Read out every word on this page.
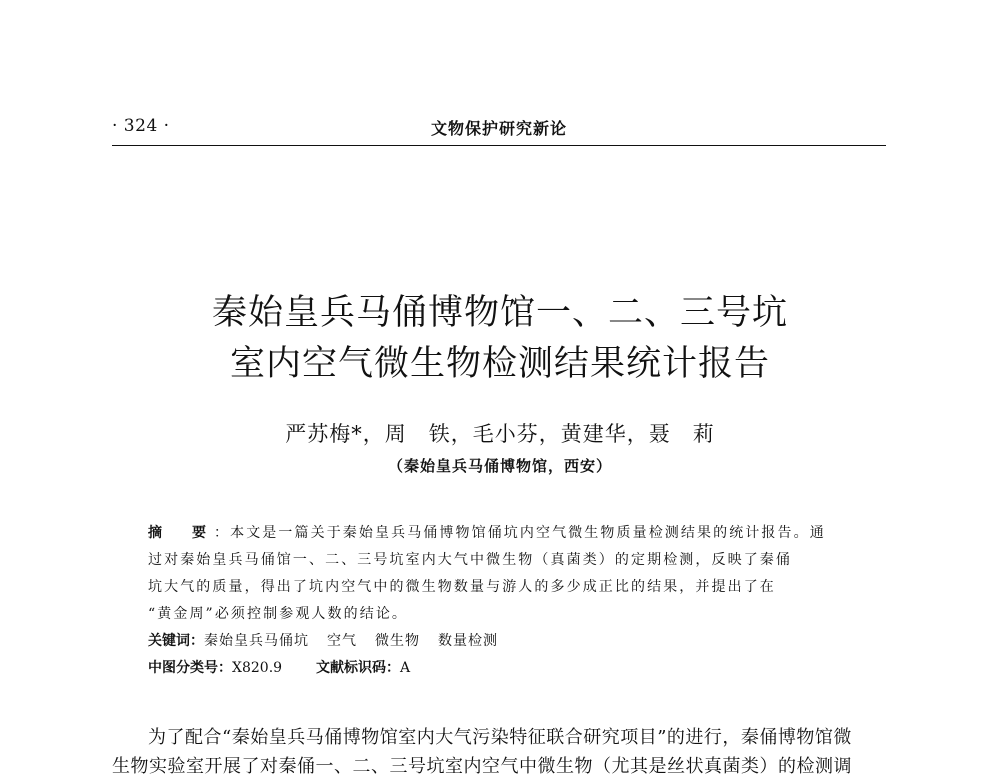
· 324 ·	文物保护研究新论
秦始皇兵马俑博物馆一、二、三号坑
室内空气微生物检测结果统计报告
严苏梅*，周　铁，毛小芬，黄建华，聂　莉
（秦始皇兵马俑博物馆，西安）
摘　要：本文是一篇关于秦始皇兵马俑博物馆俑坑内空气微生物质量检测结果的统计报告。通
过对秦始皇兵马俑馆一、二、三号坑室内大气中微生物（真菌类）的定期检测，反映了秦俑
坑大气的质量，得出了坑内空气中的微生物数量与游人的多少成正比的结果，并提出了在
“黄金周”必须控制参观人数的结论。
关键词：秦始皇兵马俑坑 空气 微生物 数量检测
中图分类号：X820.9 文献标识码：A
为了配合“秦始皇兵马俑博物馆室内大气污染特征联合研究项目”的进行，秦俑博物馆微
生物实验室开展了对秦俑一、二、三号坑室内空气中微生物（尤其是丝状真菌类）的检测调
